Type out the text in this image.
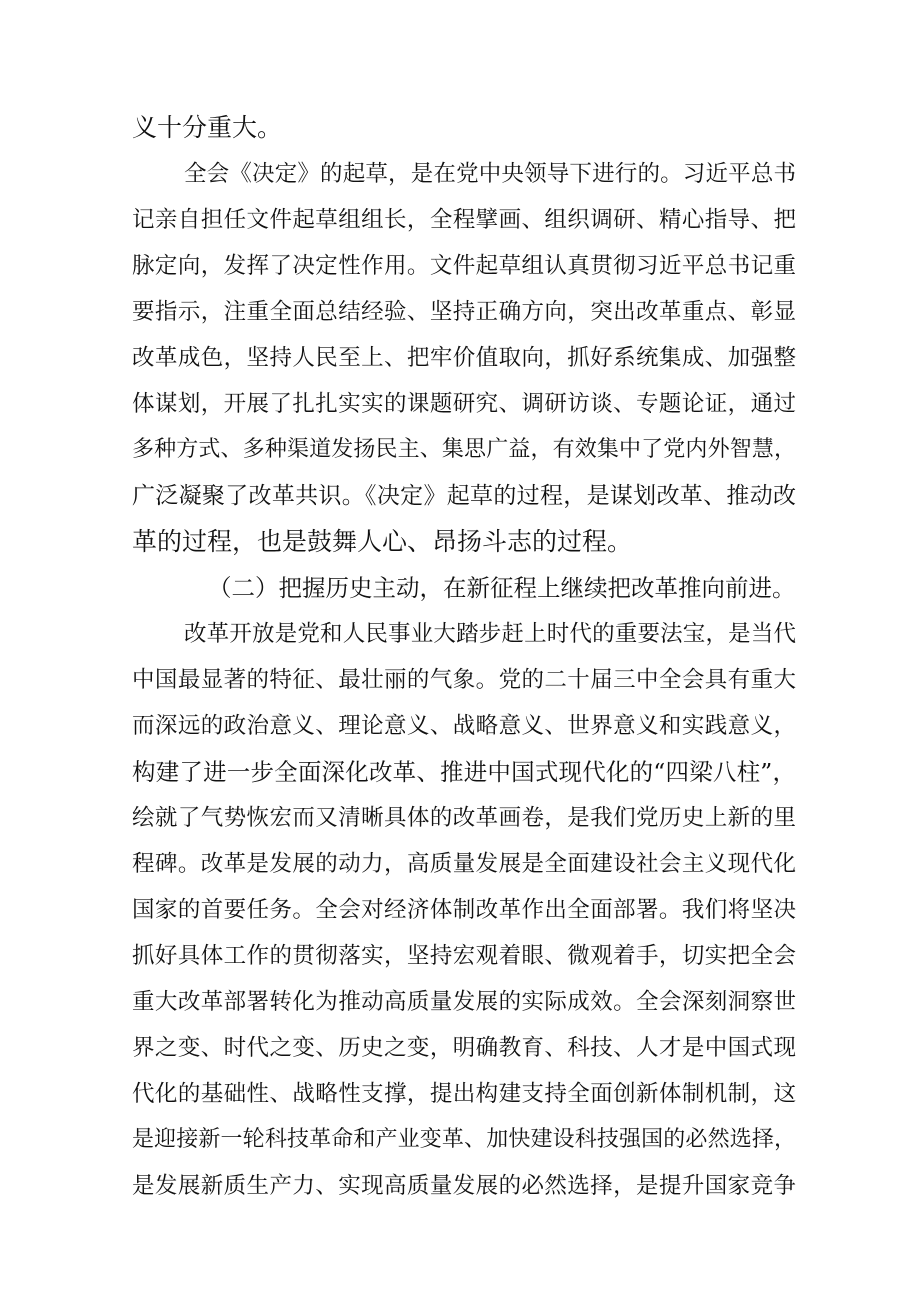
义十分重大。
全会《决定》的起草，是在党中央领导下进行的。习近平总书
记亲自担任文件起草组组长，全程擘画、组织调研、精心指导、把
脉定向，发挥了决定性作用。文件起草组认真贯彻习近平总书记重
要指示，注重全面总结经验、坚持正确方向，突出改革重点、彰显
改革成色，坚持人民至上、把牢价值取向，抓好系统集成、加强整
体谋划，开展了扎扎实实的课题研究、调研访谈、专题论证，通过
多种方式、多种渠道发扬民主、集思广益，有效集中了党内外智慧，
广泛凝聚了改革共识。《决定》起草的过程，是谋划改革、推动改
革的过程，也是鼓舞人心、昂扬斗志的过程。
（二）把握历史主动，在新征程上继续把改革推向前进。
改革开放是党和人民事业大踏步赶上时代的重要法宝，是当代
中国最显著的特征、最壮丽的气象。党的二十届三中全会具有重大
而深远的政治意义、理论意义、战略意义、世界意义和实践意义，
构建了进一步全面深化改革、推进中国式现代化的“四梁八柱”，
绘就了气势恢宏而又清晰具体的改革画卷，是我们党历史上新的里
程碑。改革是发展的动力，高质量发展是全面建设社会主义现代化
国家的首要任务。全会对经济体制改革作出全面部署。我们将坚决
抓好具体工作的贯彻落实，坚持宏观着眼、微观着手，切实把全会
重大改革部署转化为推动高质量发展的实际成效。全会深刻洞察世
界之变、时代之变、历史之变，明确教育、科技、人才是中国式现
代化的基础性、战略性支撑，提出构建支持全面创新体制机制，这
是迎接新一轮科技革命和产业变革、加快建设科技强国的必然选择，
是发展新质生产力、实现高质量发展的必然选择，是提升国家竞争
